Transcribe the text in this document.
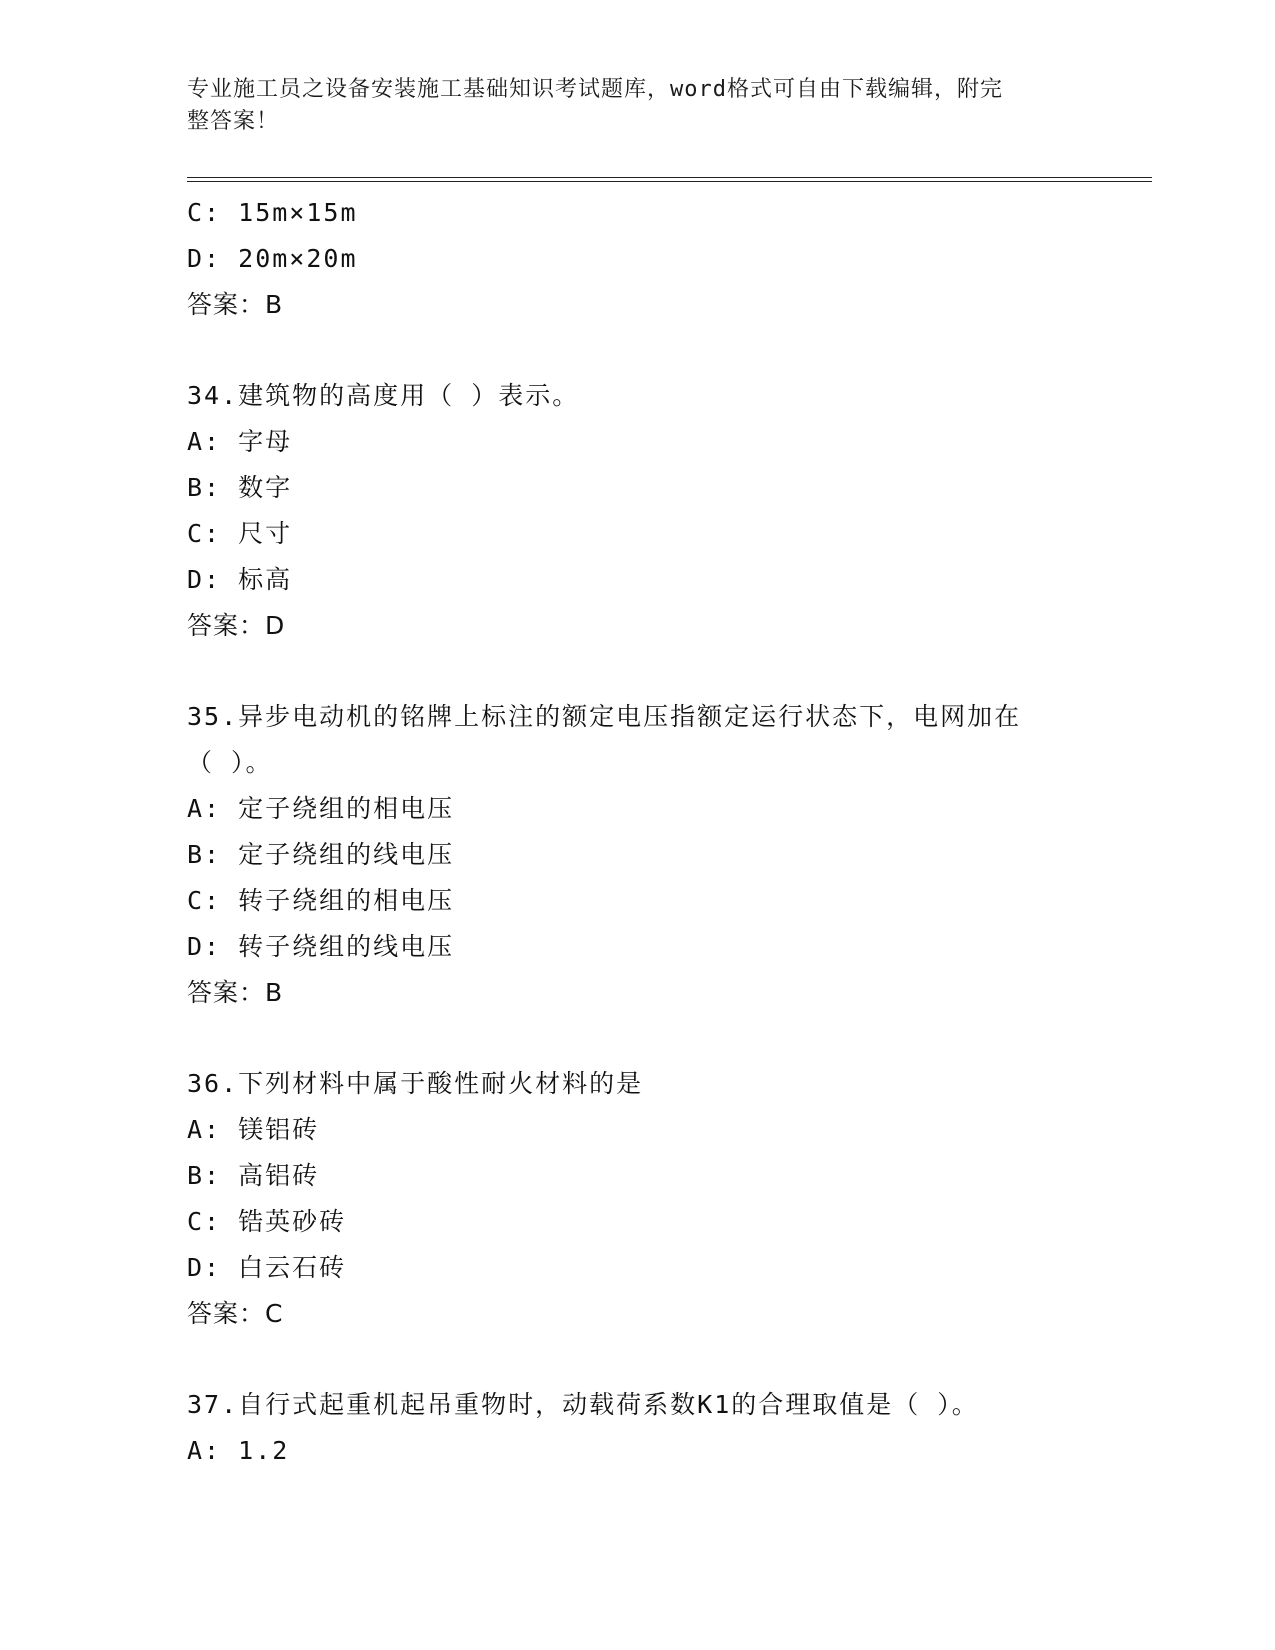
专业施工员之设备安装施工基础知识考试题库，word格式可自由下载编辑，附完
整答案！
C: 15m×15m
D: 20m×20m
答案：B
34.建筑物的高度用（ ）表示。
A: 字母
B: 数字
C: 尺寸
D: 标高
答案：D
35.异步电动机的铭牌上标注的额定电压指额定运行状态下，电网加在
（ ）。
A: 定子绕组的相电压
B: 定子绕组的线电压
C: 转子绕组的相电压
D: 转子绕组的线电压
答案：B
36.下列材料中属于酸性耐火材料的是
A: 镁铝砖
B: 高铝砖
C: 锆英砂砖
D: 白云石砖
答案：C
37.自行式起重机起吊重物时，动载荷系数K1的合理取值是（ ）。
A: 1.2
